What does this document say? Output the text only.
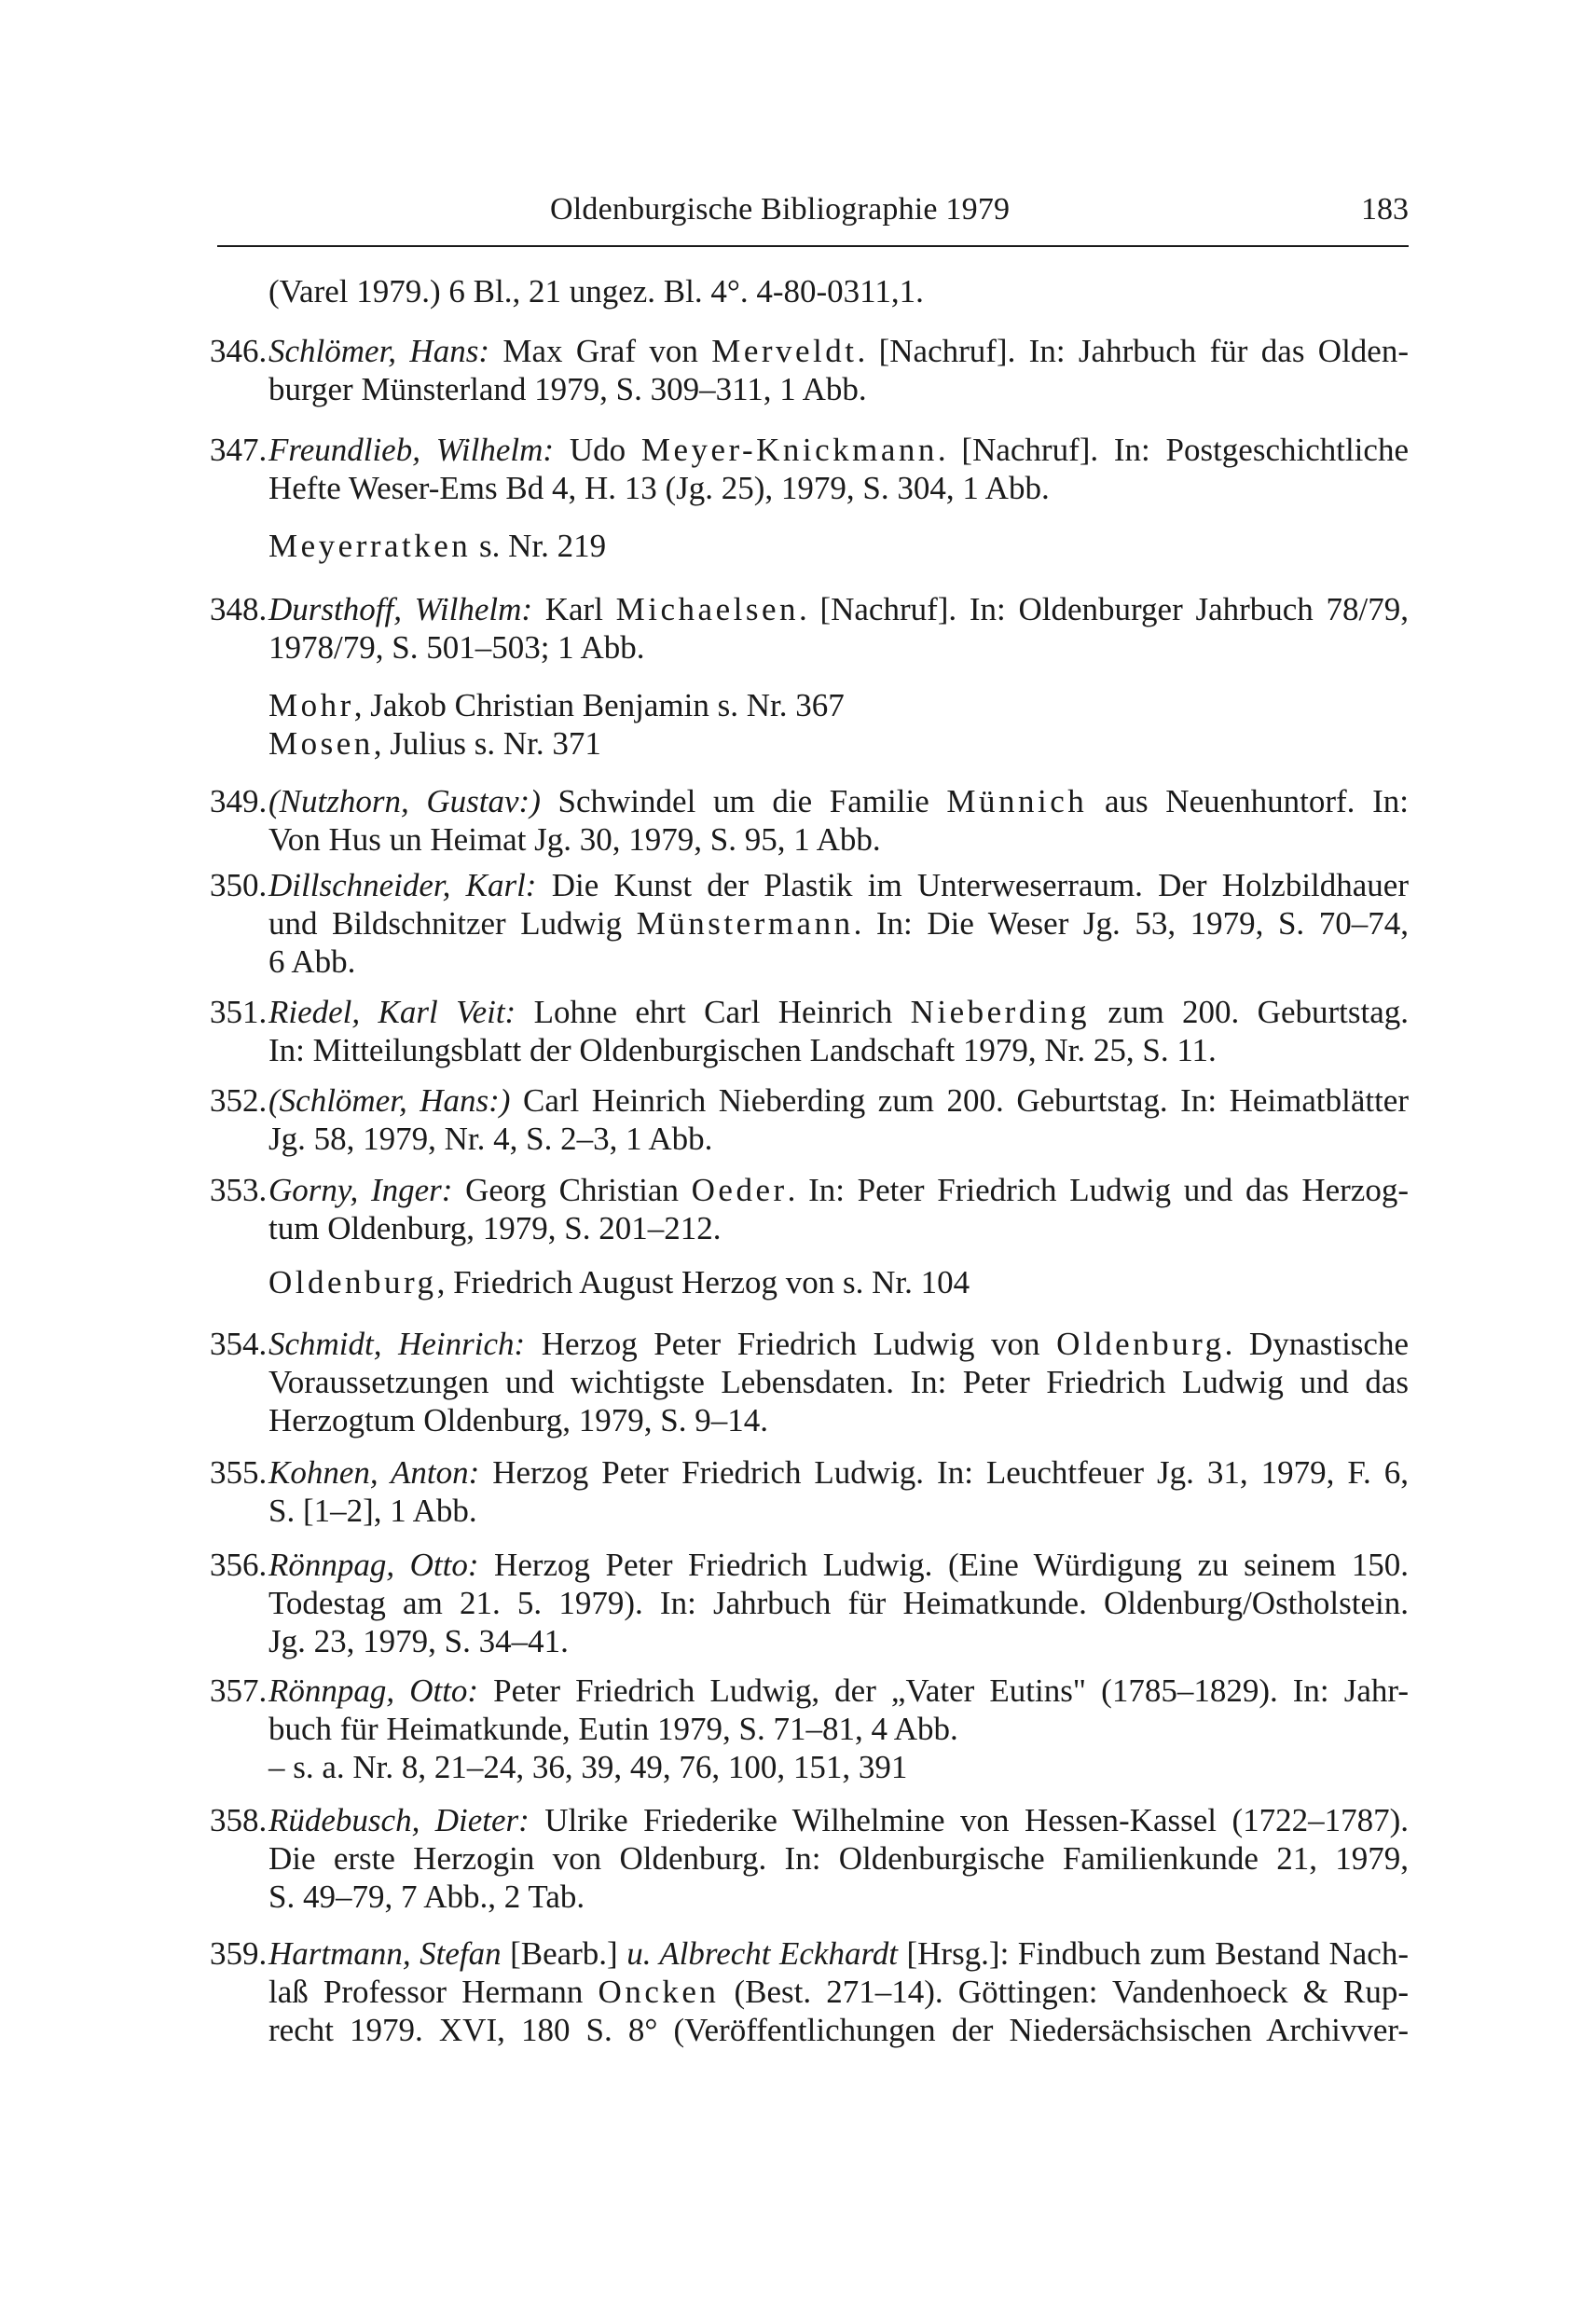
Oldenburgische Bibliographie 1979	183
(Varel 1979.) 6 Bl., 21 ungez. Bl. 4°. 4-80-0311,1.
346. Schlömer, Hans: Max Graf von Merveldt. [Nachruf]. In: Jahrbuch für das Olden-
burger Münsterland 1979, S. 309–311, 1 Abb.
347. Freundlieb, Wilhelm: Udo Meyer-Knickmann. [Nachruf]. In: Postgeschichtliche
Hefte Weser-Ems Bd 4, H. 13 (Jg. 25), 1979, S. 304, 1 Abb.
Meyerratken s. Nr. 219
348. Dursthoff, Wilhelm: Karl Michaelsen. [Nachruf]. In: Oldenburger Jahrbuch 78/79,
1978/79, S. 501–503; 1 Abb.
Mohr, Jakob Christian Benjamin s. Nr. 367
Mosen, Julius s. Nr. 371
349. (Nutzhorn, Gustav:) Schwindel um die Familie Münnich aus Neuenhuntorf. In:
Von Hus un Heimat Jg. 30, 1979, S. 95, 1 Abb.
350. Dillschneider, Karl: Die Kunst der Plastik im Unterweserraum. Der Holzbildhauer
und Bildschnitzer Ludwig Münstermann. In: Die Weser Jg. 53, 1979, S. 70–74,
6 Abb.
351. Riedel, Karl Veit: Lohne ehrt Carl Heinrich Nieberding zum 200. Geburtstag.
In: Mitteilungsblatt der Oldenburgischen Landschaft 1979, Nr. 25, S. 11.
352. (Schlömer, Hans:) Carl Heinrich Nieberding zum 200. Geburtstag. In: Heimatblätter
Jg. 58, 1979, Nr. 4, S. 2–3, 1 Abb.
353. Gorny, Inger: Georg Christian Oeder. In: Peter Friedrich Ludwig und das Herzog-
tum Oldenburg, 1979, S. 201–212.
Oldenburg, Friedrich August Herzog von s. Nr. 104
354. Schmidt, Heinrich: Herzog Peter Friedrich Ludwig von Oldenburg. Dynastische
Voraussetzungen und wichtigste Lebensdaten. In: Peter Friedrich Ludwig und das
Herzogtum Oldenburg, 1979, S. 9–14.
355. Kohnen, Anton: Herzog Peter Friedrich Ludwig. In: Leuchtfeuer Jg. 31, 1979, F. 6,
S. [1–2], 1 Abb.
356. Rönnpag, Otto: Herzog Peter Friedrich Ludwig. (Eine Würdigung zu seinem 150.
Todestag am 21. 5. 1979). In: Jahrbuch für Heimatkunde. Oldenburg/Ostholstein.
Jg. 23, 1979, S. 34–41.
357. Rönnpag, Otto: Peter Friedrich Ludwig, der „Vater Eutins" (1785–1829). In: Jahr-
buch für Heimatkunde, Eutin 1979, S. 71–81, 4 Abb.
– s. a. Nr. 8, 21–24, 36, 39, 49, 76, 100, 151, 391
358. Rüdebusch, Dieter: Ulrike Friederike Wilhelmine von Hessen-Kassel (1722–1787).
Die erste Herzogin von Oldenburg. In: Oldenburgische Familienkunde 21, 1979,
S. 49–79, 7 Abb., 2 Tab.
359. Hartmann, Stefan [Bearb.] u. Albrecht Eckhardt [Hrsg.]: Findbuch zum Bestand Nach-
laß Professor Hermann Oncken (Best. 271–14). Göttingen: Vandenhoeck & Rup-
recht 1979. XVI, 180 S. 8° (Veröffentlichungen der Niedersächsischen Archivver-
